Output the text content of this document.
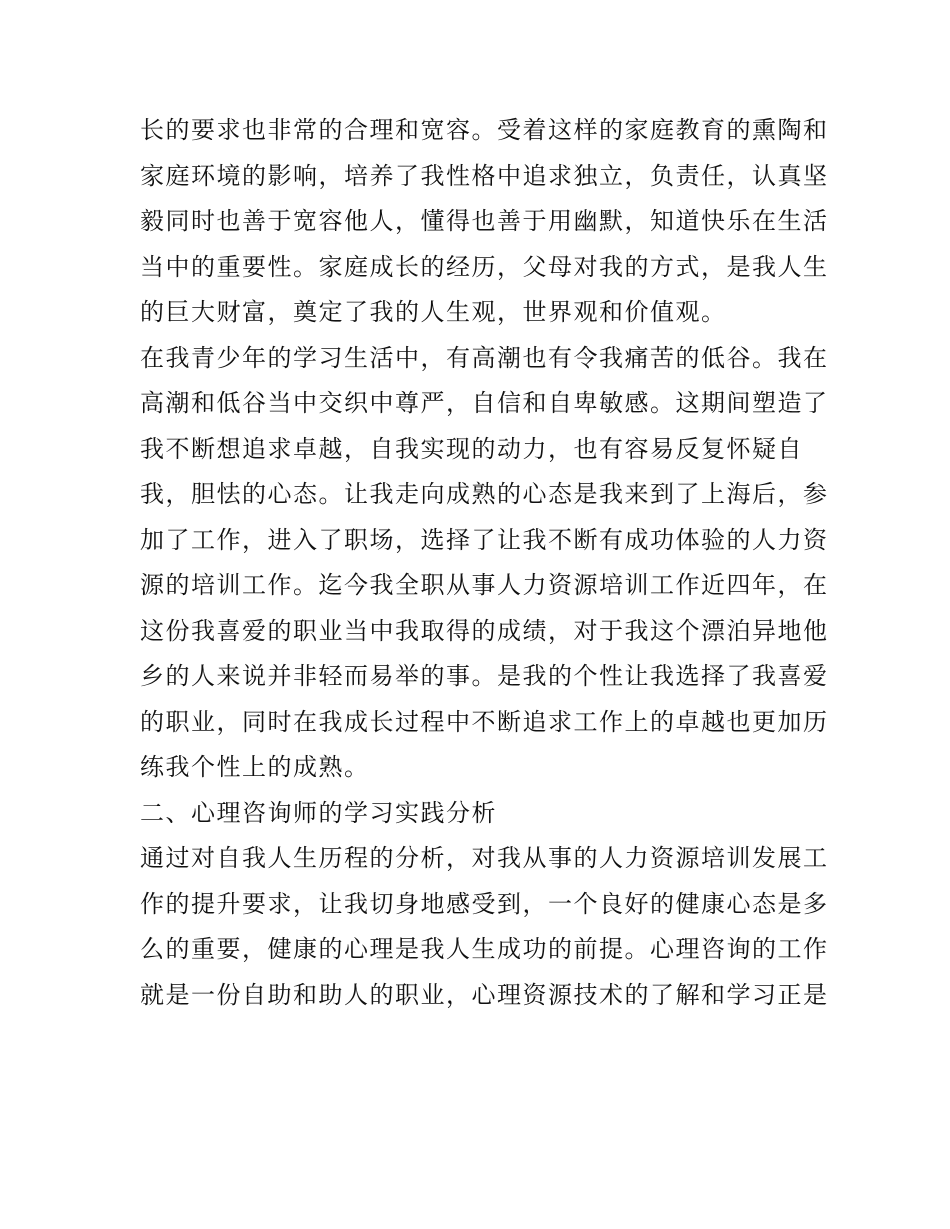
长的要求也非常的合理和宽容。受着这样的家庭教育的熏陶和
家庭环境的影响，培养了我性格中追求独立，负责任，认真坚
毅同时也善于宽容他人，懂得也善于用幽默，知道快乐在生活
当中的重要性。家庭成长的经历，父母对我的方式，是我人生
的巨大财富，奠定了我的人生观，世界观和价值观。
在我青少年的学习生活中，有高潮也有令我痛苦的低谷。我在
高潮和低谷当中交织中尊严，自信和自卑敏感。这期间塑造了
我不断想追求卓越，自我实现的动力，也有容易反复怀疑自
我，胆怯的心态。让我走向成熟的心态是我来到了上海后，参
加了工作，进入了职场，选择了让我不断有成功体验的人力资
源的培训工作。迄今我全职从事人力资源培训工作近四年，在
这份我喜爱的职业当中我取得的成绩，对于我这个漂泊异地他
乡的人来说并非轻而易举的事。是我的个性让我选择了我喜爱
的职业，同时在我成长过程中不断追求工作上的卓越也更加历
练我个性上的成熟。
二、心理咨询师的学习实践分析
通过对自我人生历程的分析，对我从事的人力资源培训发展工
作的提升要求，让我切身地感受到，一个良好的健康心态是多
么的重要，健康的心理是我人生成功的前提。心理咨询的工作
就是一份自助和助人的职业，心理资源技术的了解和学习正是
